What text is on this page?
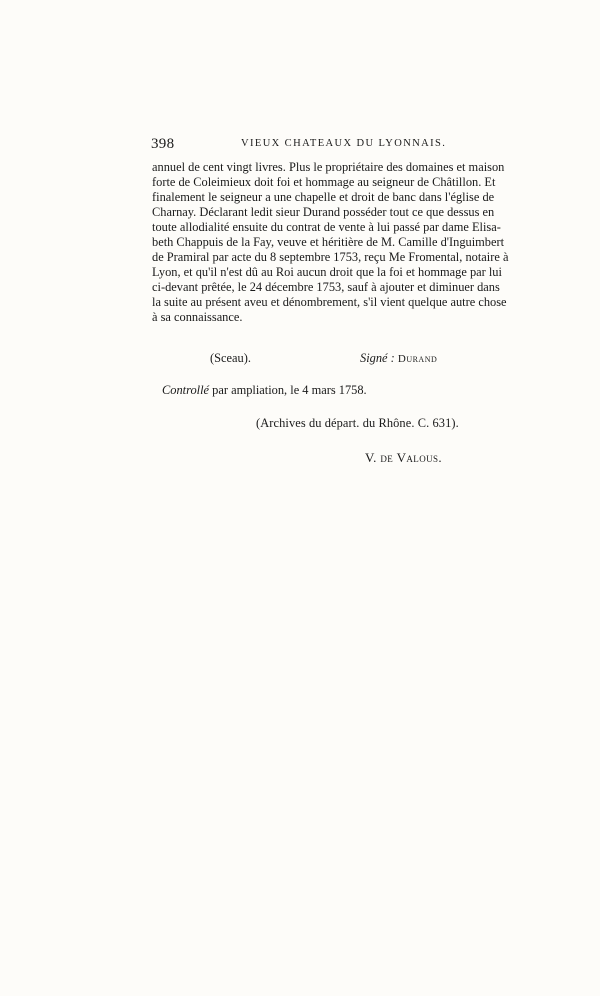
398	VIEUX CHATEAUX DU LYONNAIS.
annuel de cent vingt livres. Plus le propriétaire des domaines et maison
forte de Coleimieux doit foi et hommage au seigneur de Châtillon. Et
finalement le seigneur a une chapelle et droit de banc dans l'église de
Charnay. Déclarant ledit sieur Durand posséder tout ce que dessus en
toute allodialité ensuite du contrat de vente à lui passé par dame Elisa-
beth Chappuis de la Fay, veuve et héritière de M. Camille d'Inguimbert
de Pramiral par acte du 8 septembre 1753, reçu Me Fromental, notaire à
Lyon, et qu'il n'est dû au Roi aucun droit que la foi et hommage par lui
ci-devant prêtée, le 24 décembre 1753, sauf à ajouter et diminuer dans
la suite au présent aveu et dénombrement, s'il vient quelque autre chose
à sa connaissance.
(Sceau).	Signé : Durand
Controllé par ampliation, le 4 mars 1758.
(Archives du départ. du Rhône. C. 631).
V. de Valous.
